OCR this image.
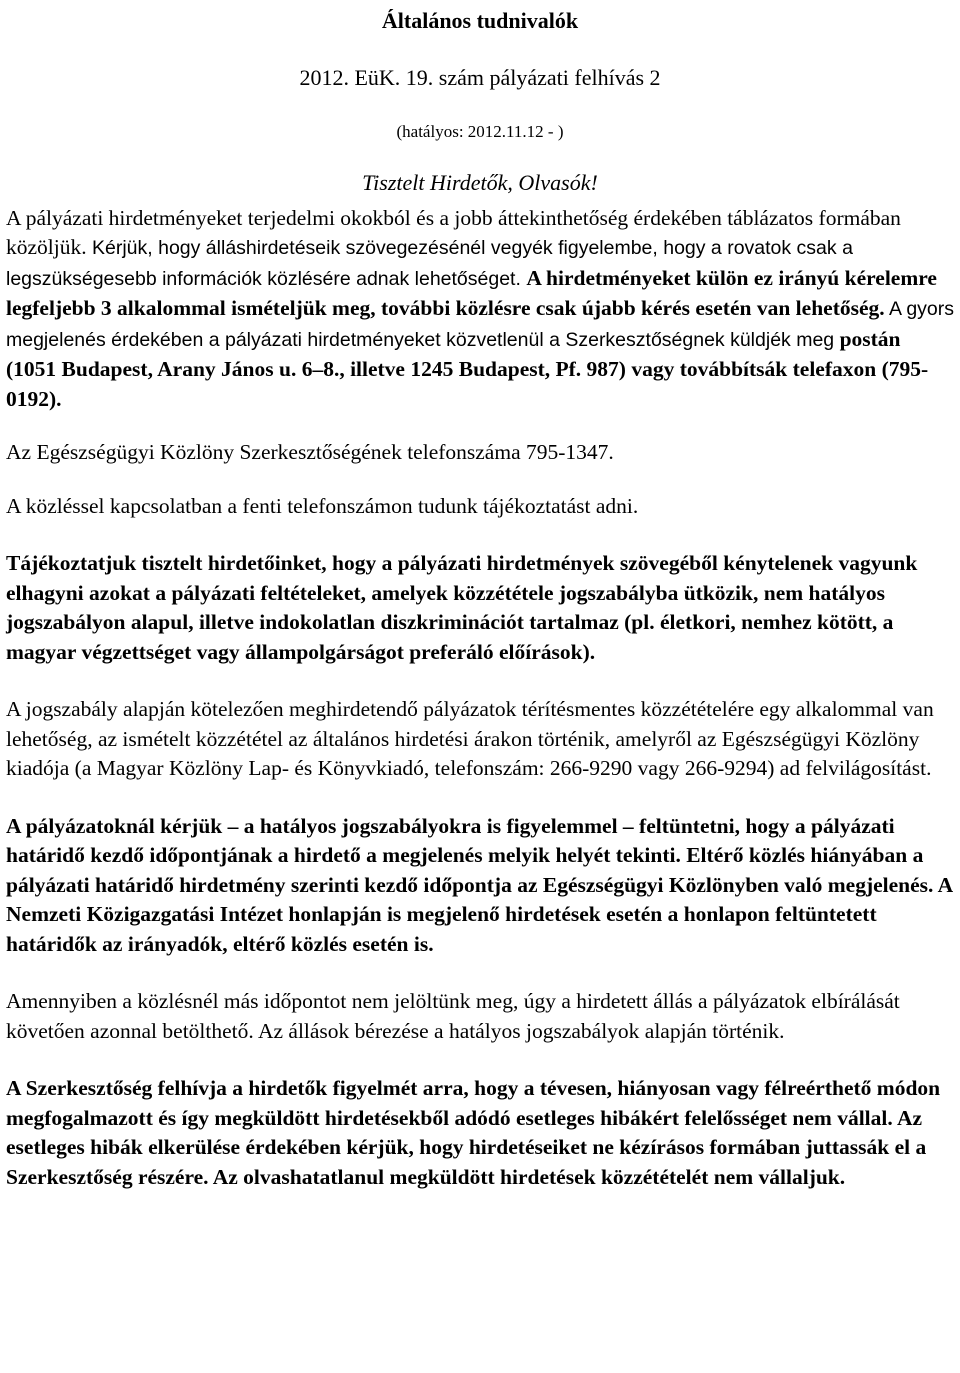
Általános tudnivalók
2012. EüK. 19. szám pályázati felhívás 2
(hatályos: 2012.11.12 - )
Tisztelt Hirdetők, Olvasók!

A pályázati hirdetményeket terjedelmi okokból és a jobb áttekinthetőség érdekében táblázatos formában közöljük. Kérjük, hogy álláshirdetéseik szövegezésénél vegyék figyelembe, hogy a rovatok csak a legszükségesebb információk közlésére adnak lehetőséget. A hirdetményeket külön ez irányú kérelemre legfeljebb 3 alkalommal ismételjük meg, további közlésre csak újabb kérés esetén van lehetőség. A gyors megjelenés érdekében a pályázati hirdetményeket közvetlenül a Szerkesztőségnek küldjék meg postán (1051 Budapest, Arany János u. 6–8., illetve 1245 Budapest, Pf. 987) vagy továbbítsák telefaxon (795-0192).

Az Egészségügyi Közlöny Szerkesztőségének telefonszáma 795-1347.

A közléssel kapcsolatban a fenti telefonszámon tudunk tájékoztatást adni.

Tájékoztatjuk tisztelt hirdetőinket, hogy a pályázati hirdetmények szövegéből kénytelenek vagyunk elhagyni azokat a pályázati feltételeket, amelyek közzététele jogszabályba ütközik, nem hatályos jogszabályon alapul, illetve indokolatlan diszkriminációt tartalmaz (pl. életkori, nemhez kötött, a magyar végzettséget vagy állampolgárságot preferáló előírások).

A jogszabály alapján kötelezően meghirdetendő pályázatok térítésmentes közzétételére egy alkalommal van lehetőség, az ismételt közzététel az általános hirdetési árakon történik, amelyről az Egészségügyi Közlöny kiadója (a Magyar Közlöny Lap- és Könyvkiadó, telefonszám: 266-9290 vagy 266-9294) ad felvilágosítást.

A pályázatoknál kérjük – a hatályos jogszabályokra is figyelemmel – feltüntetni, hogy a pályázati határidő kezdő időpontjának a hirdető a megjelenés melyik helyét tekinti. Eltérő közlés hiányában a pályázati határidő hirdetmény szerinti kezdő időpontja az Egészségügyi Közlönyben való megjelenés. A Nemzeti Közigazgatási Intézet honlapján is megjelenő hirdetések esetén a honlapon feltüntetett határidők az irányadók, eltérő közlés esetén is.

Amennyiben a közlésnél más időpontot nem jelöltünk meg, úgy a hirdetett állás a pályázatok elbírálását követően azonnal betölthető. Az állások bérezése a hatályos jogszabályok alapján történik.

A Szerkesztőség felhívja a hirdetők figyelmét arra, hogy a tévesen, hiányosan vagy félreérthető módon megfogalmazott és így megküldött hirdetésekből adódó esetleges hibákért felelősséget nem vállal. Az esetleges hibák elkerülése érdekében kérjük, hogy hirdetéseiket ne kézírásos formában juttassák el a Szerkesztőség részére. Az olvashatatlanul megküldött hirdetések közzétételét nem vállaljuk.
